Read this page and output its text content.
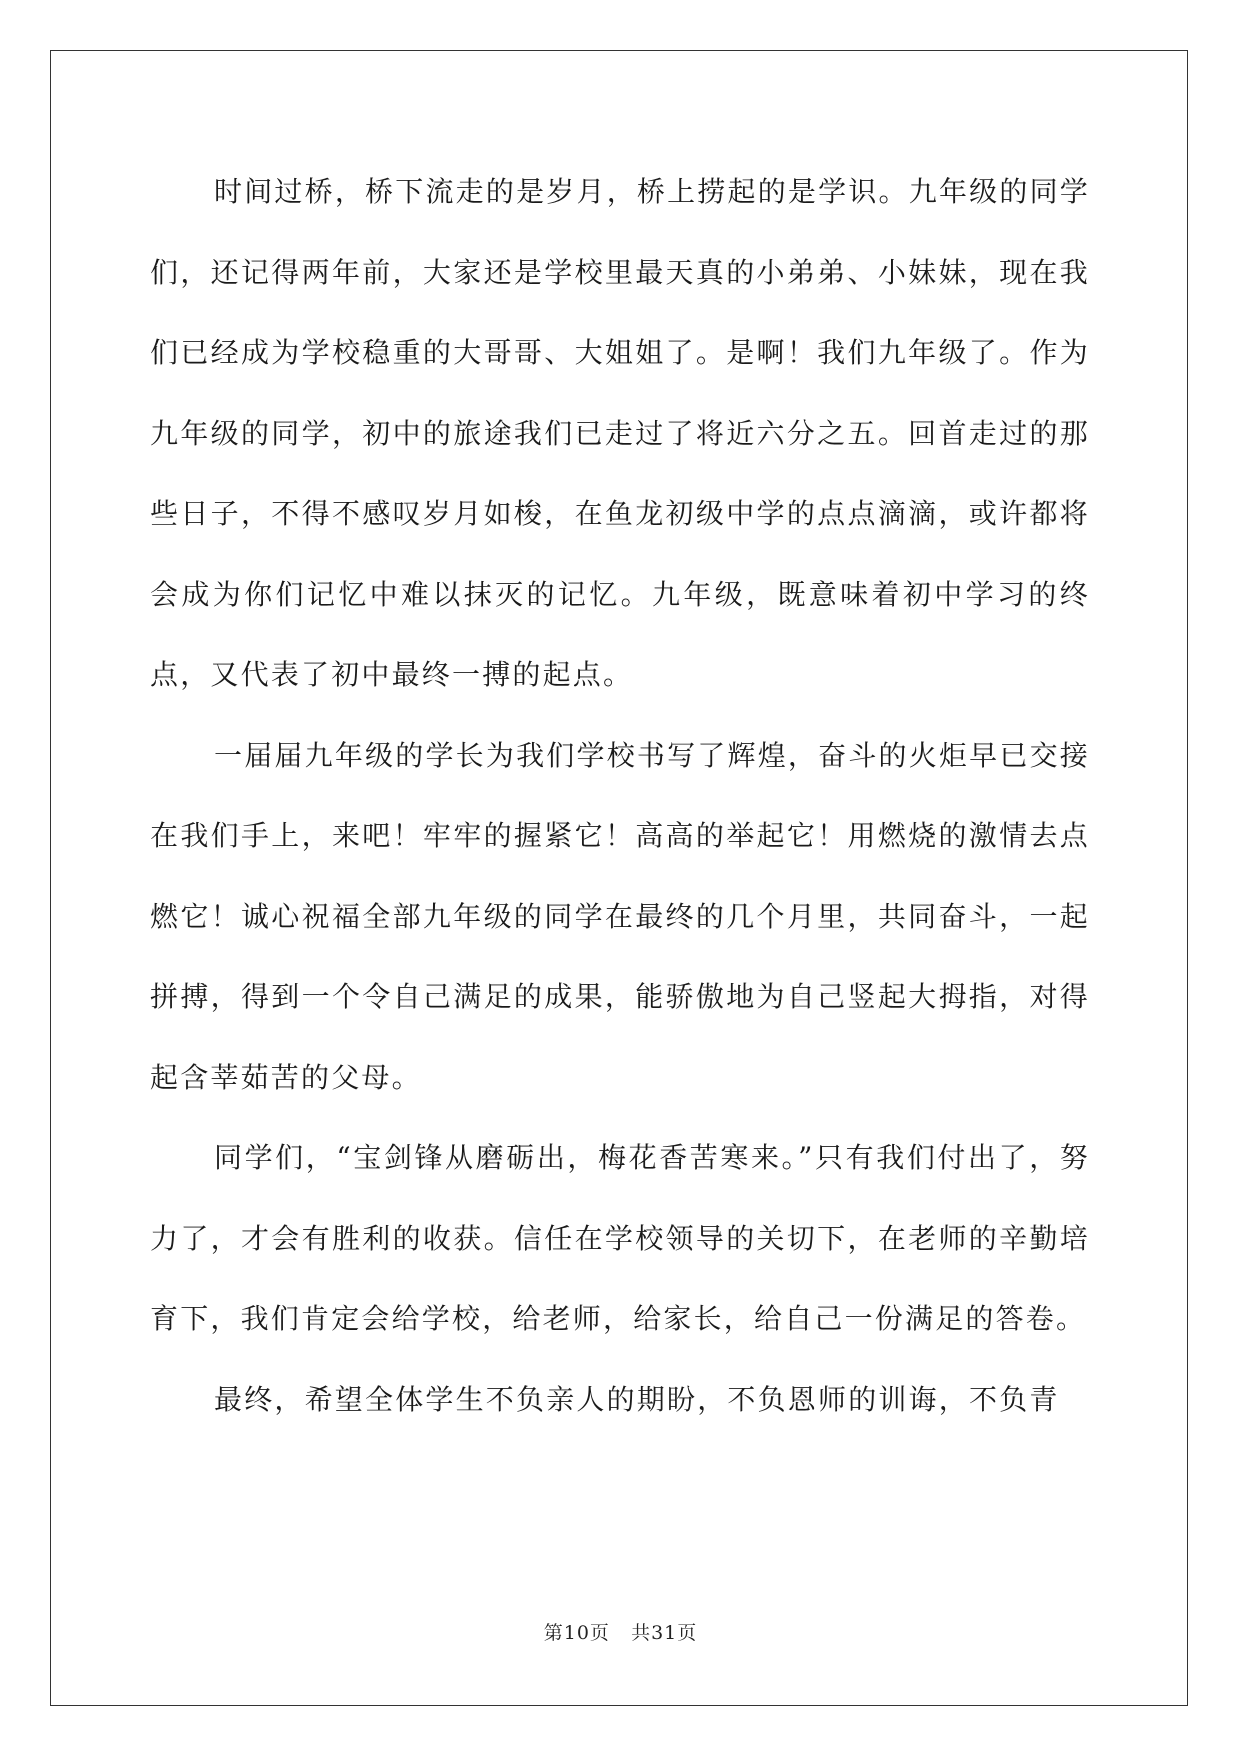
时间过桥，桥下流走的是岁月，桥上捞起的是学识。九年级的同学们，还记得两年前，大家还是学校里最天真的小弟弟、小妹妹，现在我们已经成为学校稳重的大哥哥、大姐姐了。是啊！我们九年级了。作为九年级的同学，初中的旅途我们已走过了将近六分之五。回首走过的那些日子，不得不感叹岁月如梭，在鱼龙初级中学的点点滴滴，或许都将会成为你们记忆中难以抹灭的记忆。九年级，既意味着初中学习的终点，又代表了初中最终一搏的起点。

一届届九年级的学长为我们学校书写了辉煌，奋斗的火炬早已交接在我们手上，来吧！牢牢的握紧它！高高的举起它！用燃烧的激情去点燃它！诚心祝福全部九年级的同学在最终的几个月里，共同奋斗，一起拼搏，得到一个令自己满足的成果，能骄傲地为自己竖起大拇指，对得起含莘茹苦的父母。

同学们，“宝剑锋从磨砺出，梅花香苦寒来。”只有我们付出了，努力了，才会有胜利的收获。信任在学校领导的关切下，在老师的辛勤培育下，我们肯定会给学校，给老师，给家长，给自己一份满足的答卷。

最终，希望全体学生不负亲人的期盼，不负恩师的训诲，不负青

第10页 共31页
